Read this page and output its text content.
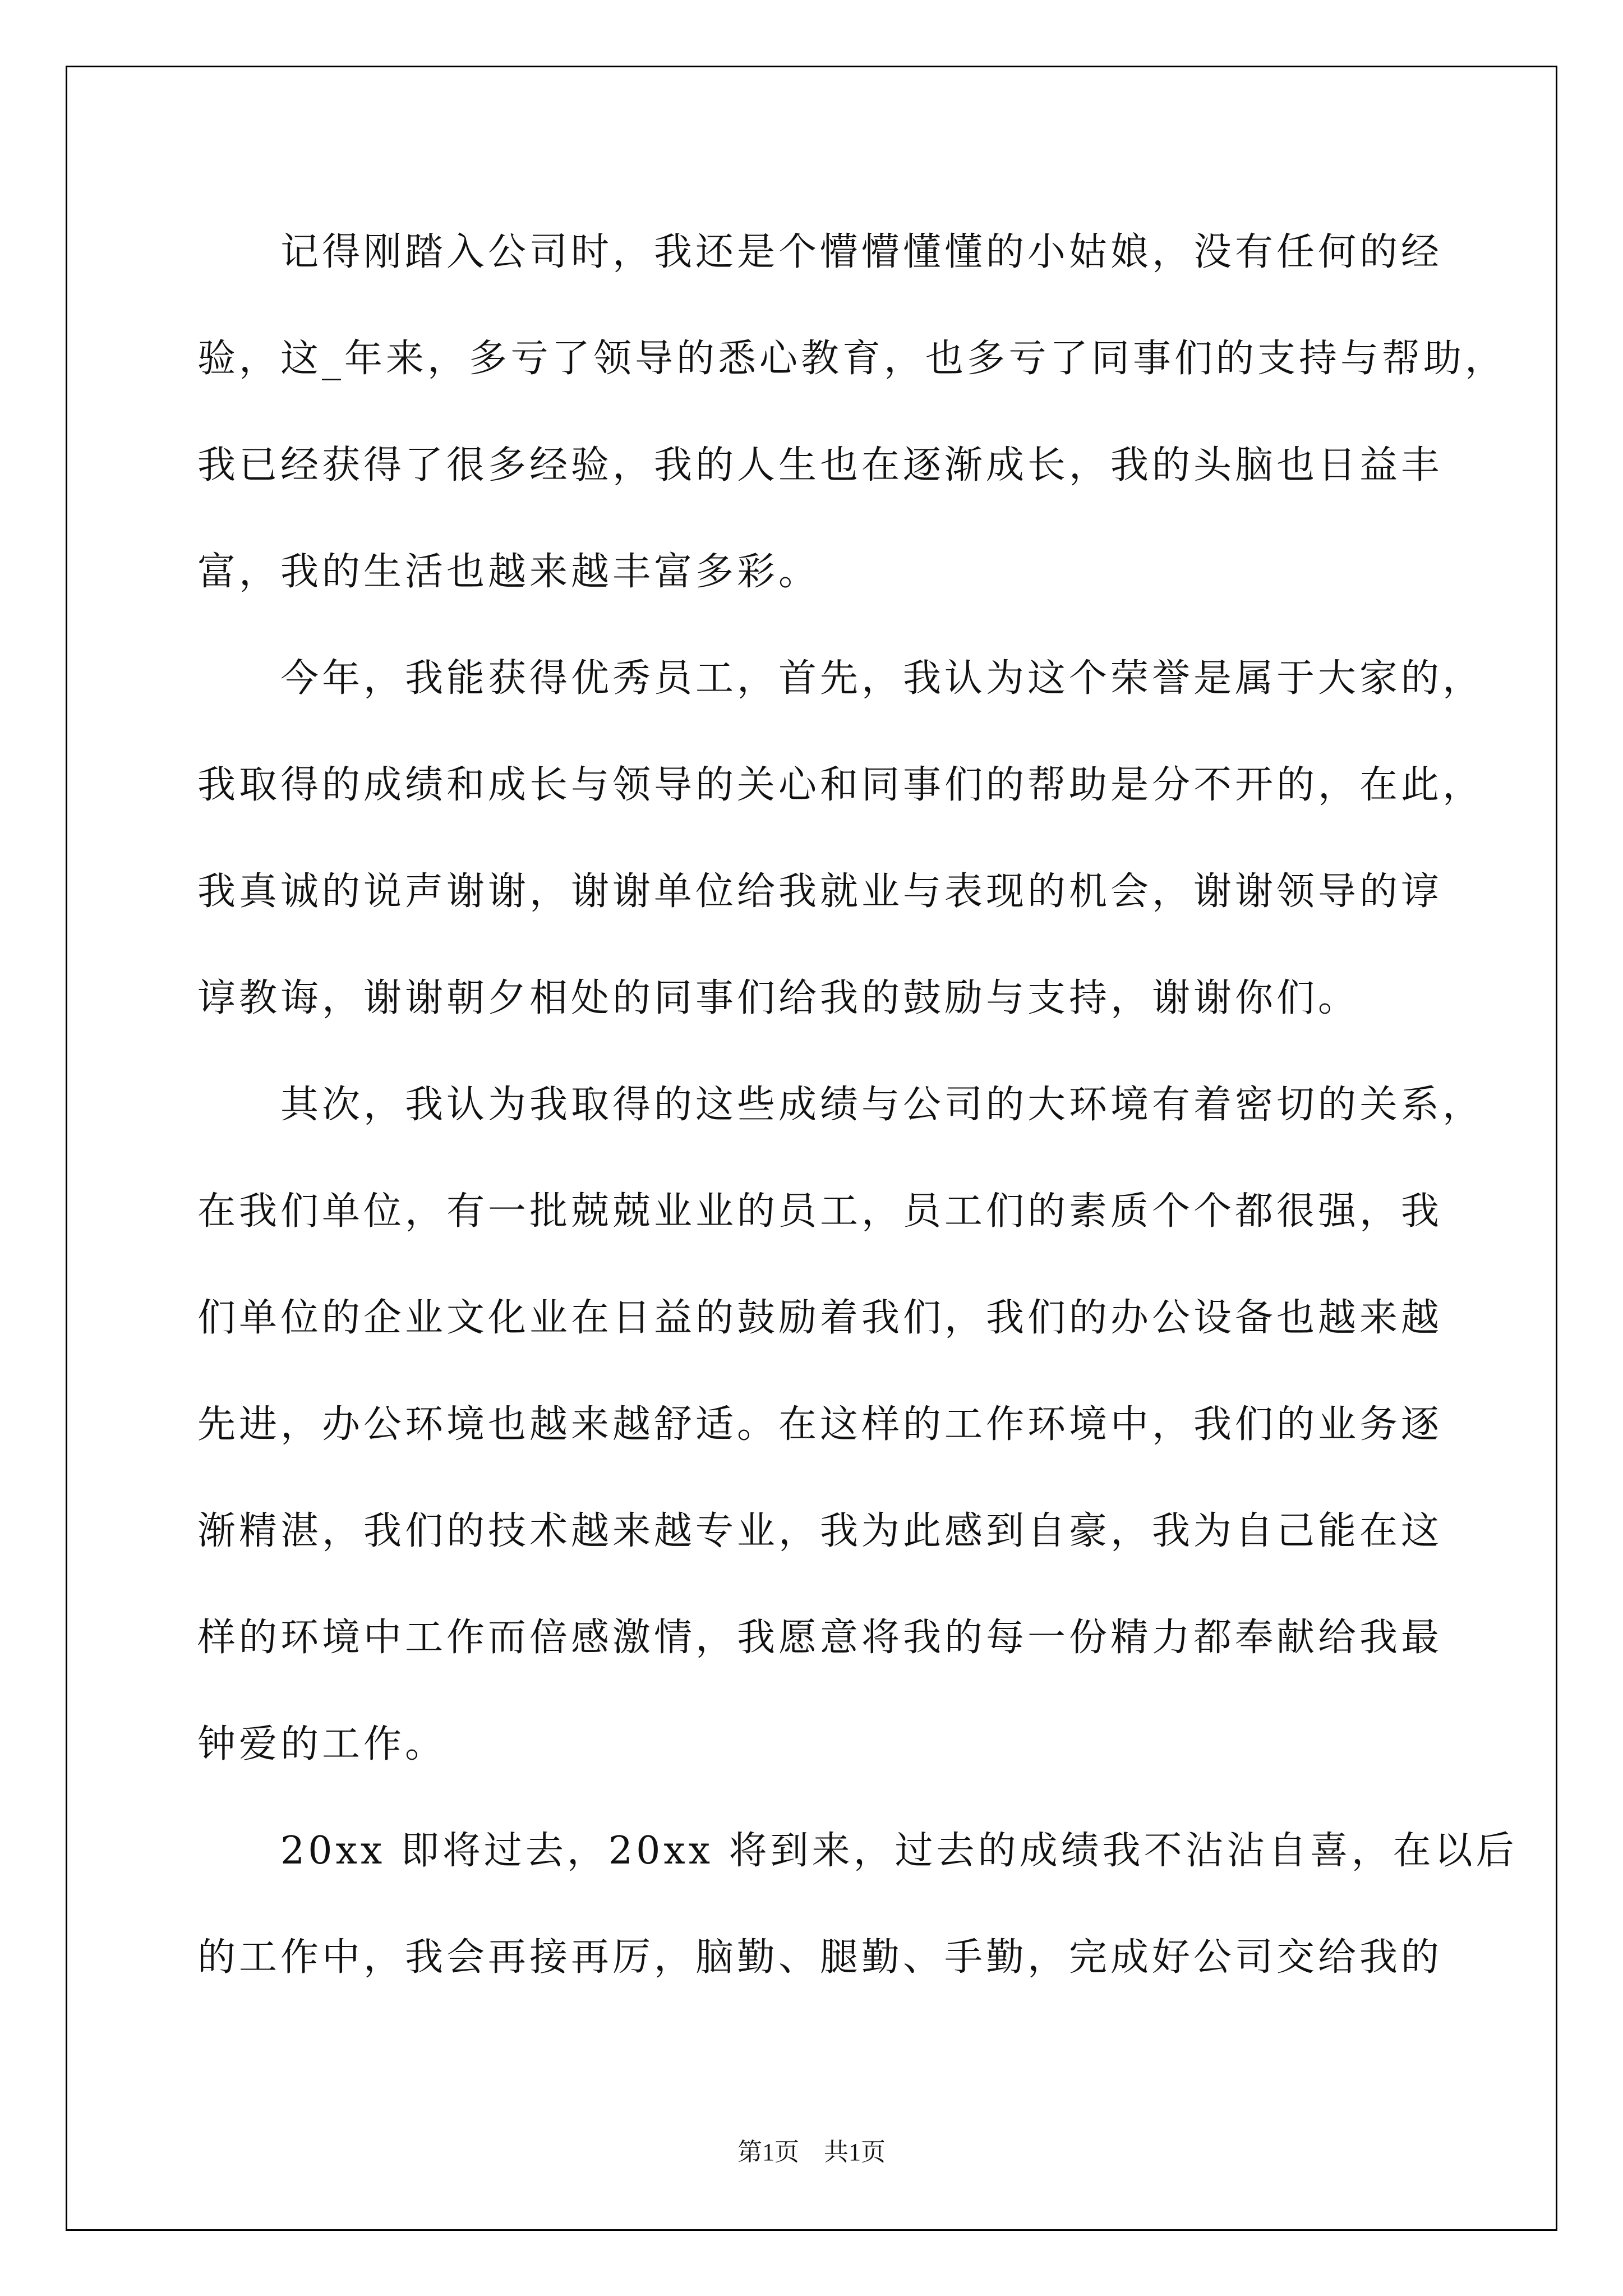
　　记得刚踏入公司时，我还是个懵懵懂懂的小姑娘，没有任何的经
验，这_年来，多亏了领导的悉心教育，也多亏了同事们的支持与帮助，
我已经获得了很多经验，我的人生也在逐渐成长，我的头脑也日益丰
富，我的生活也越来越丰富多彩。
　　今年，我能获得优秀员工，首先，我认为这个荣誉是属于大家的，
我取得的成绩和成长与领导的关心和同事们的帮助是分不开的，在此，
我真诚的说声谢谢，谢谢单位给我就业与表现的机会，谢谢领导的谆
谆教诲，谢谢朝夕相处的同事们给我的鼓励与支持，谢谢你们。
　　其次，我认为我取得的这些成绩与公司的大环境有着密切的关系，
在我们单位，有一批兢兢业业的员工，员工们的素质个个都很强，我
们单位的企业文化业在日益的鼓励着我们，我们的办公设备也越来越
先进，办公环境也越来越舒适。在这样的工作环境中，我们的业务逐
渐精湛，我们的技术越来越专业，我为此感到自豪，我为自己能在这
样的环境中工作而倍感激情，我愿意将我的每一份精力都奉献给我最
钟爱的工作。
　　20xx 即将过去，20xx 将到来，过去的成绩我不沾沾自喜，在以后
的工作中，我会再接再厉，脑勤、腿勤、手勤，完成好公司交给我的
第1页　共1页
